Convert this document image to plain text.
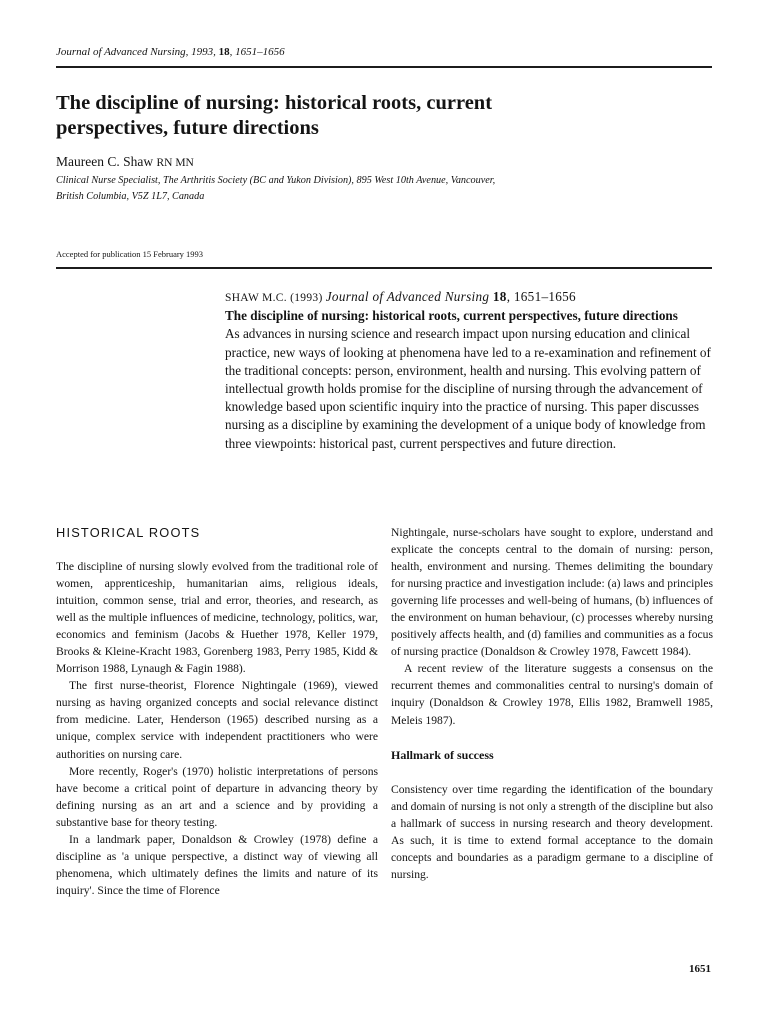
Journal of Advanced Nursing, 1993, 18, 1651–1656
The discipline of nursing: historical roots, current perspectives, future directions
Maureen C. Shaw RN MN
Clinical Nurse Specialist, The Arthritis Society (BC and Yukon Division), 895 West 10th Avenue, Vancouver, British Columbia, V5Z 1L7, Canada
Accepted for publication 15 February 1993
SHAW M.C. (1993) Journal of Advanced Nursing 18, 1651–1656
The discipline of nursing: historical roots, current perspectives, future directions
As advances in nursing science and research impact upon nursing education and clinical practice, new ways of looking at phenomena have led to a re-examination and refinement of the traditional concepts: person, environment, health and nursing. This evolving pattern of intellectual growth holds promise for the discipline of nursing through the advancement of knowledge based upon scientific inquiry into the practice of nursing. This paper discusses nursing as a discipline by examining the development of a unique body of knowledge from three viewpoints: historical past, current perspectives and future direction.
HISTORICAL ROOTS

The discipline of nursing slowly evolved from the traditional role of women, apprenticeship, humanitarian aims, religious ideals, intuition, common sense, trial and error, theories, and research, as well as the multiple influences of medicine, technology, politics, war, economics and feminism (Jacobs & Huether 1978, Keller 1979, Brooks & Kleine-Kracht 1983, Gorenberg 1983, Perry 1985, Kidd & Morrison 1988, Lynaugh & Fagin 1988).

The first nurse-theorist, Florence Nightingale (1969), viewed nursing as having organized concepts and social relevance distinct from medicine. Later, Henderson (1965) described nursing as a unique, complex service with independent practitioners who were authorities on nursing care.

More recently, Roger's (1970) holistic interpretations of persons have become a critical point of departure in advancing theory by defining nursing as an art and a science and by providing a substantive base for theory testing.

In a landmark paper, Donaldson & Crowley (1978) define a discipline as 'a unique perspective, a distinct way of viewing all phenomena, which ultimately defines the limits and nature of its inquiry'. Since the time of Florence

Nightingale, nurse-scholars have sought to explore, understand and explicate the concepts central to the domain of nursing: person, health, environment and nursing. Themes delimiting the boundary for nursing practice and investigation include: (a) laws and principles governing life processes and well-being of humans, (b) influences of the environment on human behaviour, (c) processes whereby nursing positively affects health, and (d) families and communities as a focus of nursing practice (Donaldson & Crowley 1978, Fawcett 1984).

A recent review of the literature suggests a consensus on the recurrent themes and commonalities central to nursing's domain of inquiry (Donaldson & Crowley 1978, Ellis 1982, Bramwell 1985, Meleis 1987).

Hallmark of success

Consistency over time regarding the identification of the boundary and domain of nursing is not only a strength of the discipline but also a hallmark of success in nursing research and theory development. As such, it is time to extend formal acceptance to the domain concepts and boundaries as a paradigm germane to a discipline of nursing.

1651
